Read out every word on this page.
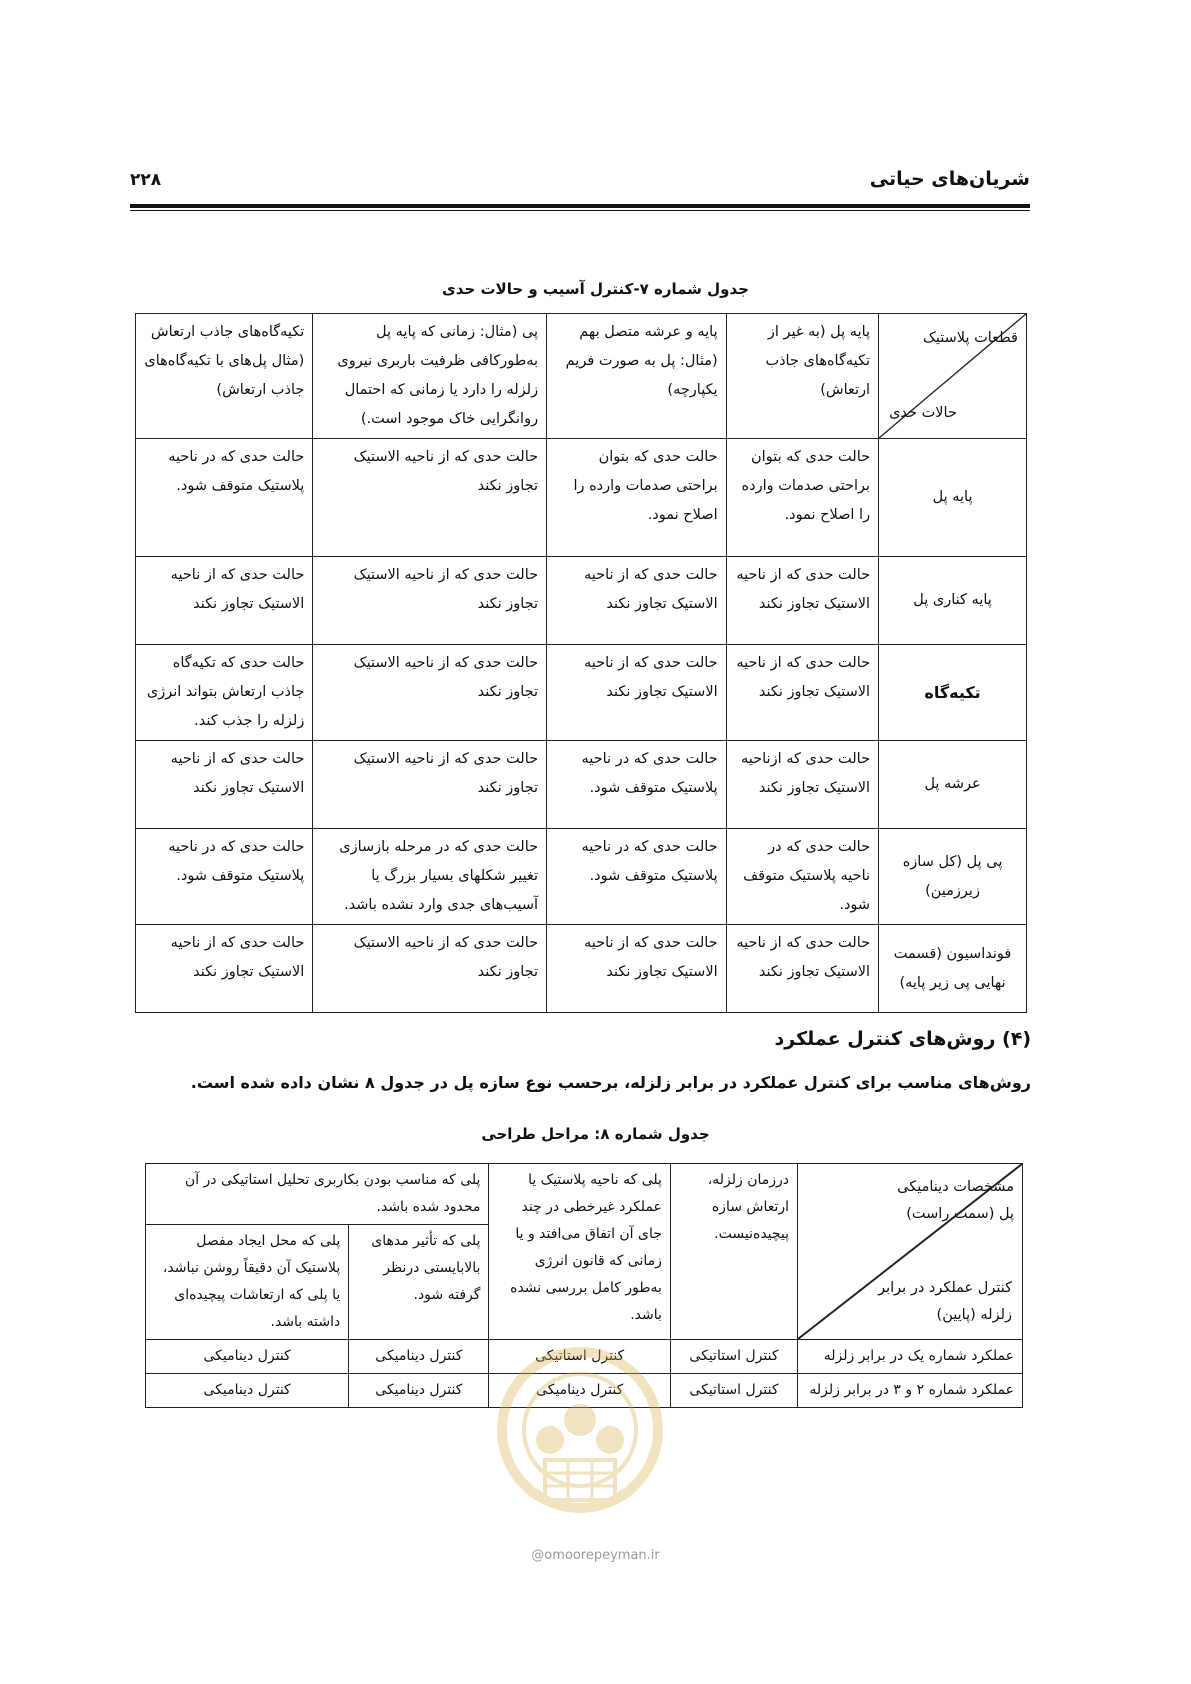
شریان‌های حیاتی
۲۲۸
جدول شماره ۷-کنترل آسیب و حالات حدی
قطعات پلاستیک
حالات حدی	پایه پل (به غیر از تکیه‌گاه‌های جاذب ارتعاش)	پایه و عرشه متصل بهم (مثال: پل به صورت فریم یکپارچه)	پی (مثال: زمانی که پایه پل به‌طورکافی ظرفیت باربری نیروی زلزله را دارد یا زمانی که احتمال روانگرایی خاک موجود است.)	تکیه‌گاه‌های جاذب ارتعاش (مثال پل‌های با تکیه‌گاه‌های جاذب ارتعاش)
پایه پل	حالت حدی که بتوان براحتی صدمات وارده را اصلاح نمود.	حالت حدی که بتوان براحتی صدمات وارده را اصلاح نمود.	حالت حدی که از ناحیه الاستیک تجاوز نکند	حالت حدی که در ناحیه پلاستیک متوقف شود.
پایه کناری پل	حالت حدی که از ناحیه الاستیک تجاوز نکند	حالت حدی که از ناحیه الاستیک تجاوز نکند	حالت حدی که از ناحیه الاستیک تجاوز نکند	حالت حدی که از ناحیه الاستیک تجاوز نکند
تکیه‌گاه	حالت حدی که از ناحیه الاستیک تجاوز نکند	حالت حدی که از ناحیه الاستیک تجاوز نکند	حالت حدی که از ناحیه الاستیک تجاوز نکند	حالت حدی که تکیه‌گاه جاذب ارتعاش بتواند انرژی زلزله را جذب کند.
عرشه پل	حالت حدی که ازناحیه الاستیک تجاوز نکند	حالت حدی که در ناحیه پلاستیک متوقف شود.	حالت حدی که از ناحیه الاستیک تجاوز نکند	حالت حدی که از ناحیه الاستیک تجاوز نکند
پی پل (کل سازه زیرزمین)	حالت حدی که در ناحیه پلاستیک متوقف شود.	حالت حدی که در ناحیه پلاستیک متوقف شود.	حالت حدی که در مرحله بازسازی تغییر شکلهای بسیار بزرگ یا آسیب‌های جدی وارد نشده باشد.	حالت حدی که در ناحیه پلاستیک متوقف شود.
فونداسیون (قسمت نهایی پی زیر پایه)	حالت حدی که از ناحیه الاستیک تجاوز نکند	حالت حدی که از ناحیه الاستیک تجاوز نکند	حالت حدی که از ناحیه الاستیک تجاوز نکند	حالت حدی که از ناحیه الاستیک تجاوز نکند
(۴) روش‌های کنترل عملکرد
روش‌های مناسب برای کنترل عملکرد در برابر زلزله، برحسب نوع سازه پل در جدول ۸ نشان داده شده است.
جدول شماره ۸: مراحل طراحی
مشخصات دینامیکی پل (سمت راست)
کنترل عملکرد در برابر زلزله (پایین)	درزمان زلزله، ارتعاش سازه پیچیده‌نیست.	پلی که ناحیه پلاستیک یا عملکرد غیرخطی در چند جای آن اتفاق می‌افتد و یا زمانی که قانون انرژی به‌طور کامل بررسی نشده باشد.	پلی که مناسب بودن بکاربری تحلیل استاتیکی در آن محدود شده باشد.	
			پلی که تأثیر مدهای بالابایستی درنظر گرفته شود.	پلی که محل ایجاد مفصل پلاستیک آن دقیقاً روشن نباشد، یا پلی که ارتعاشات پیچیده‌ای داشته باشد.
عملکرد شماره یک در برابر زلزله	کنترل استاتیکی	کنترل استاتیکی	کنترل دینامیکی	کنترل دینامیکی
عملکرد شماره ۲ و ۳ در برابر زلزله	کنترل استاتیکی	کنترل دینامیکی	کنترل دینامیکی	کنترل دینامیکی
@omoorepeyman.ir
